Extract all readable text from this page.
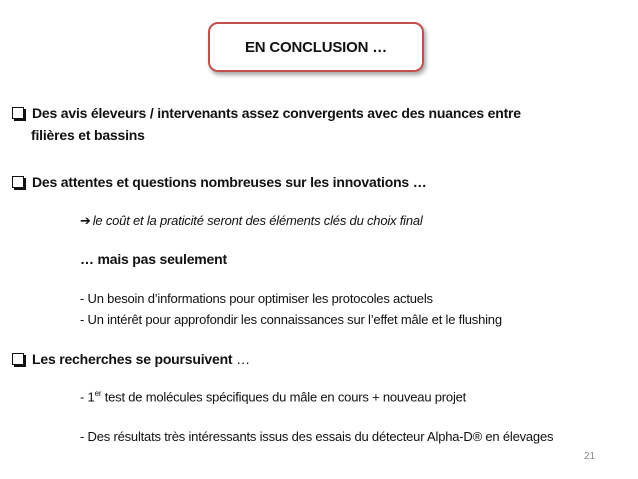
EN CONCLUSION …
Des avis éleveurs / intervenants assez convergents avec des nuances entre
filières et bassins
Des attentes et questions nombreuses sur les innovations …
➔ le coût et la praticité seront des éléments clés du choix final
… mais pas seulement
- Un besoin d’informations pour optimiser les protocoles actuels
- Un intérêt pour approfondir les connaissances sur l’effet mâle et le flushing
Les recherches se poursuivent …
- 1er test de molécules spécifiques du mâle en cours + nouveau projet
- Des résultats très intéressants issus des essais du détecteur Alpha-D® en élevages
21
